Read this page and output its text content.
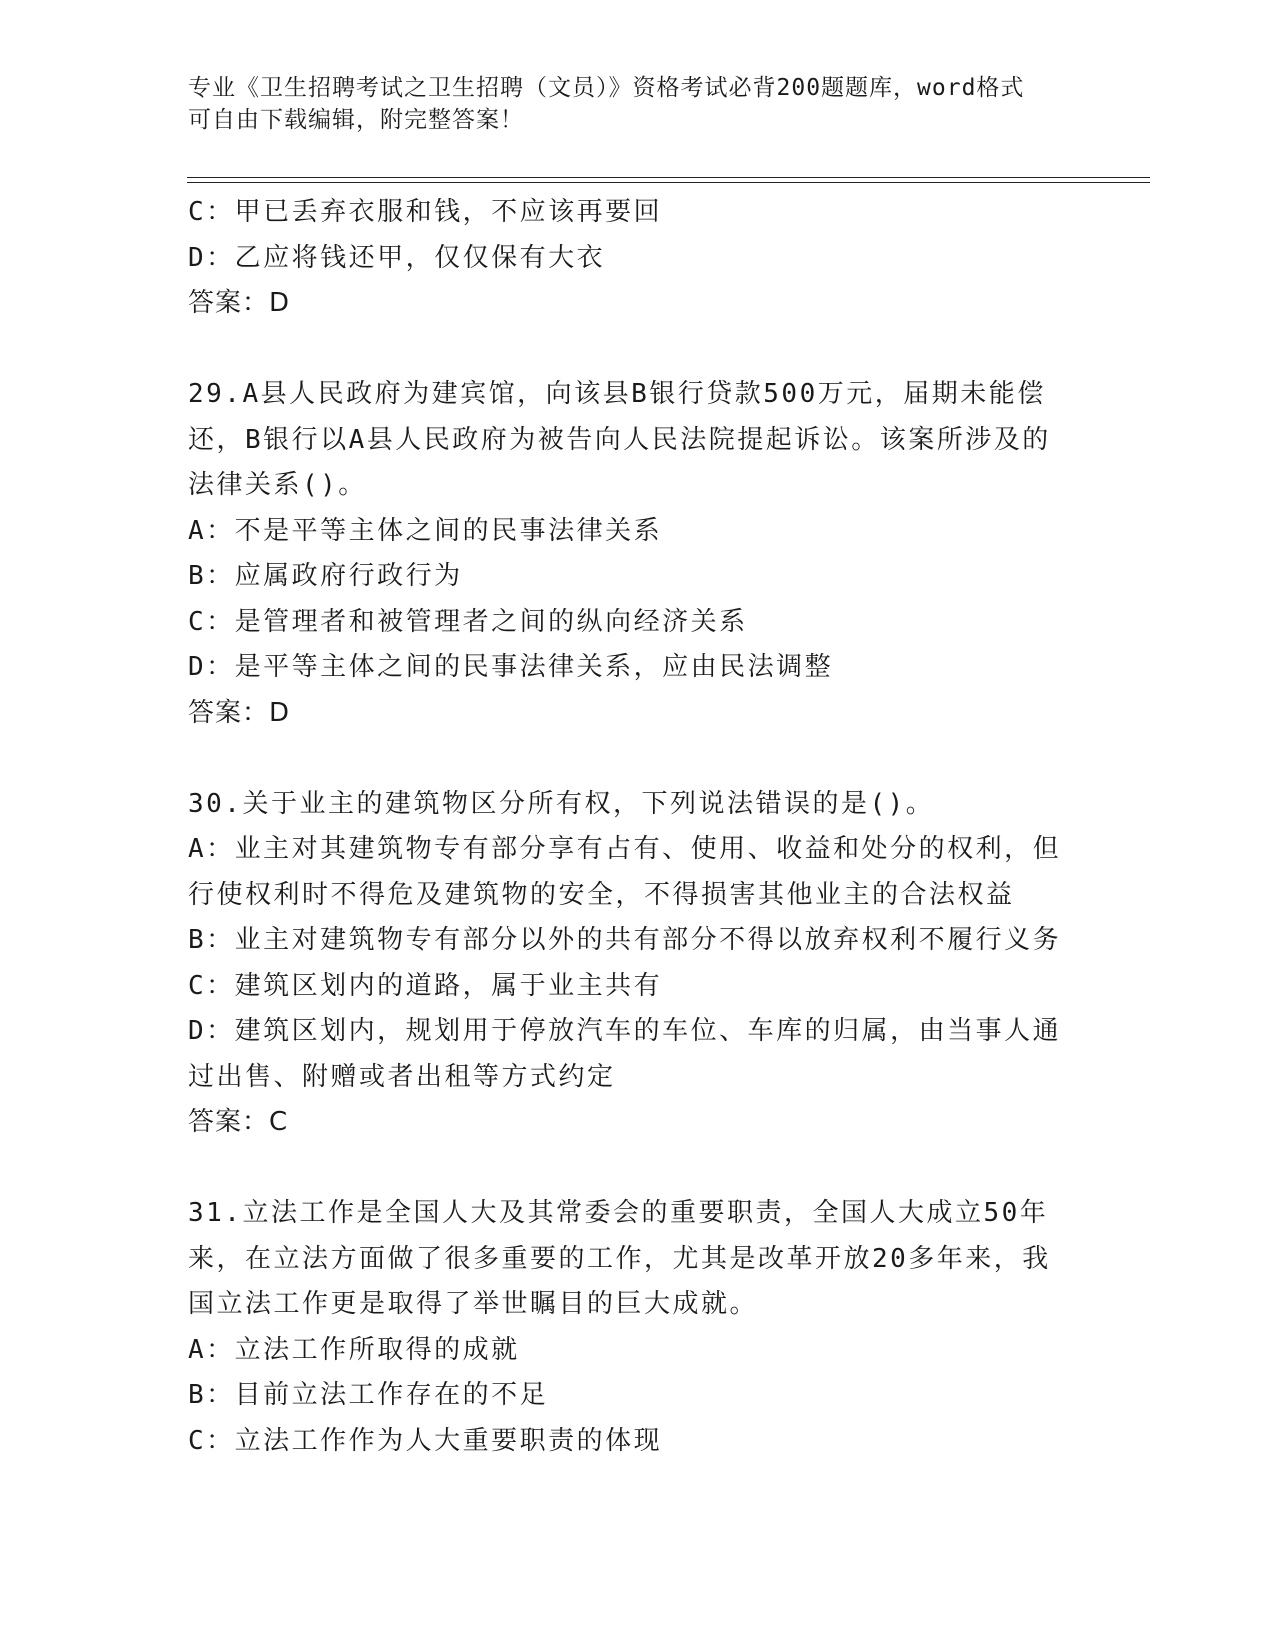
专业《卫生招聘考试之卫生招聘（文员）》资格考试必背200题题库，word格式
可自由下载编辑，附完整答案！
C：甲已丢弃衣服和钱，不应该再要回
D：乙应将钱还甲，仅仅保有大衣
答案：D
29.A县人民政府为建宾馆，向该县B银行贷款500万元，届期未能偿
还，B银行以A县人民政府为被告向人民法院提起诉讼。该案所涉及的
法律关系()。
A：不是平等主体之间的民事法律关系
B：应属政府行政行为
C：是管理者和被管理者之间的纵向经济关系
D：是平等主体之间的民事法律关系，应由民法调整
答案：D
30.关于业主的建筑物区分所有权，下列说法错误的是()。
A：业主对其建筑物专有部分享有占有、使用、收益和处分的权利，但
行使权利时不得危及建筑物的安全，不得损害其他业主的合法权益
B：业主对建筑物专有部分以外的共有部分不得以放弃权利不履行义务
C：建筑区划内的道路，属于业主共有
D：建筑区划内，规划用于停放汽车的车位、车库的归属，由当事人通
过出售、附赠或者出租等方式约定
答案：C
31.立法工作是全国人大及其常委会的重要职责，全国人大成立50年
来，在立法方面做了很多重要的工作，尤其是改革开放20多年来，我
国立法工作更是取得了举世瞩目的巨大成就。
A：立法工作所取得的成就
B：目前立法工作存在的不足
C：立法工作作为人大重要职责的体现
